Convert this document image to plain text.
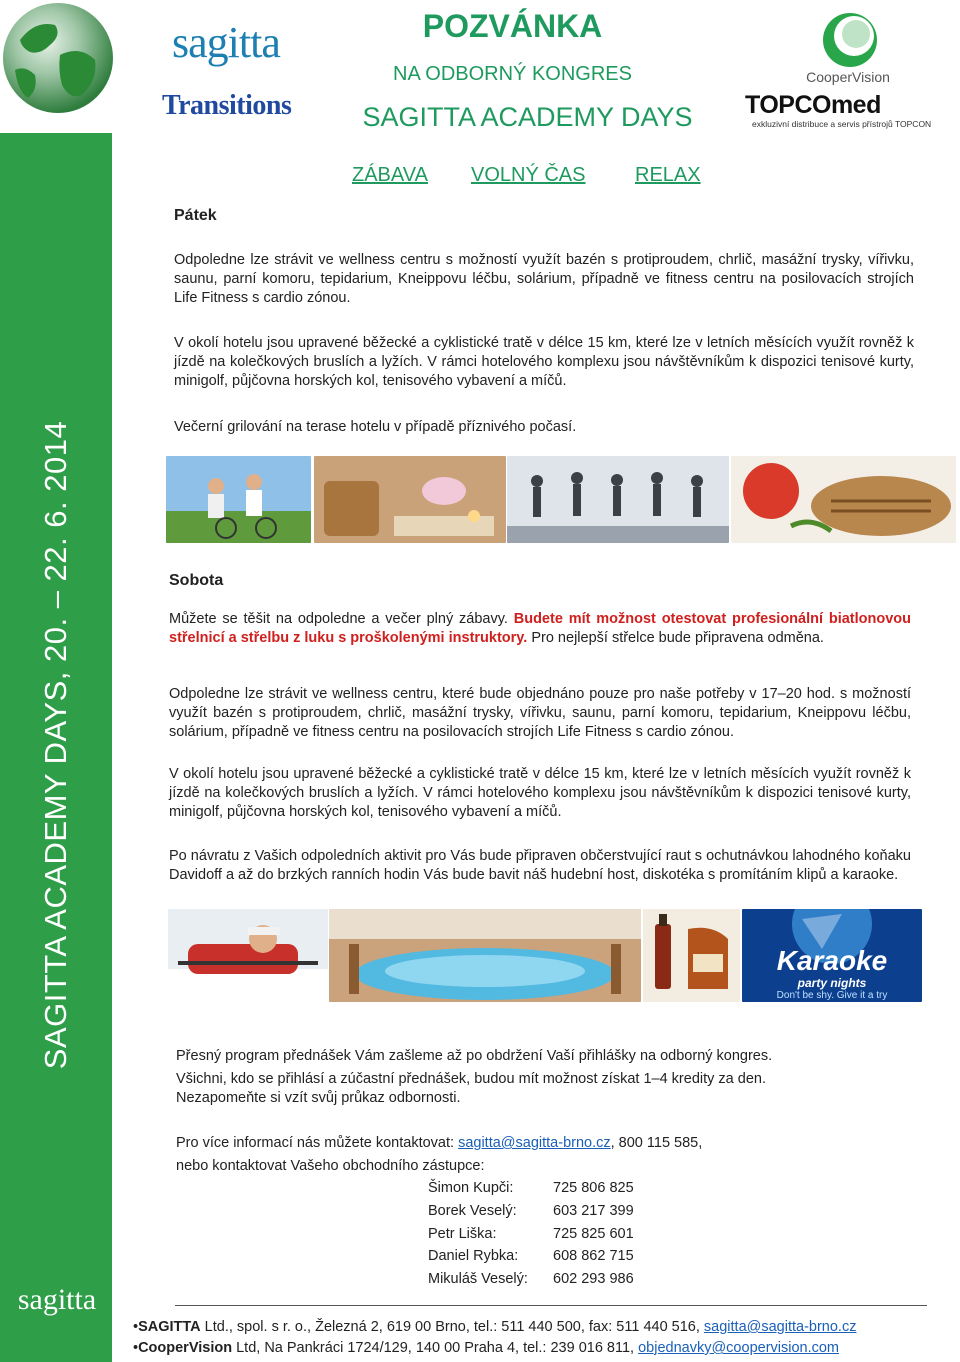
SAGITTA ACADEMY DAYS, 20. – 22. 6. 2014
sagitta
sagitta
Transitions
CooperVision
TOPCOmed
exkluzivní distribuce a servis přístrojů TOPCON
POZVÁNKA
NA ODBORNÝ KONGRES
SAGITTA ACADEMY DAYS
ZÁBAVA VOLNÝ ČAS RELAX
Pátek
Odpoledne lze strávit ve wellness centru s možností využít bazén s protiproudem, chrlič, masážní trysky, vířivku, saunu, parní komoru, tepidarium, Kneippovu léčbu, solárium, případně ve fitness centru na posilovacích strojích Life Fitness s cardio zónou.
V okolí hotelu jsou upravené běžecké a cyklistické tratě v délce 15 km, které lze v letních měsících využít rovněž k jízdě na kolečkových bruslích a lyžích. V rámci hotelového komplexu jsou návštěvníkům k dispozici tenisové kurty, minigolf, půjčovna horských kol, tenisového vybavení a míčů.
Večerní grilování na terase hotelu v případě příznivého počasí.
Sobota
Můžete se těšit na odpoledne a večer plný zábavy. Budete mít možnost otestovat profesionální biatlonovou střelnicí a střelbu z luku s proškolenými instruktory. Pro nejlepší střelce bude připravena odměna.
Odpoledne lze strávit ve wellness centru, které bude objednáno pouze pro naše potřeby v 17–20 hod. s možností využít bazén s protiproudem, chrlič, masážní trysky, vířivku, saunu, parní komoru, tepidarium, Kneippovu léčbu, solárium, případně ve fitness centru na posilovacích strojích Life Fitness s cardio zónou.
V okolí hotelu jsou upravené běžecké a cyklistické tratě v délce 15 km, které lze v letních měsících využít rovněž k jízdě na kolečkových bruslích a lyžích. V rámci hotelového komplexu jsou návštěvníkům k dispozici tenisové kurty, minigolf, půjčovna horských kol, tenisového vybavení a míčů.
Po návratu z Vašich odpoledních aktivit pro Vás bude připraven občerstvující raut s ochutnávkou lahodného koňaku Davidoff a až do brzkých ranních hodin Vás bude bavit náš hudební host, diskotéka s promítáním klipů a karaoke.
Karaoke
party nights
Don't be shy. Give it a try
Přesný program přednášek Vám zašleme až po obdržení Vaší přihlášky na odborný kongres.
Všichni, kdo se přihlásí a zúčastní přednášek, budou mít možnost získat 1–4 kredity za den.
Nezapomeňte si vzít svůj průkaz odbornosti.
Pro více informací nás můžete kontaktovat: sagitta@sagitta-brno.cz, 800 115 585,
nebo kontaktovat Vašeho obchodního zástupce:
Šimon Kupči:	725 806 825
Borek Veselý:	603 217 399
Petr Liška:	725 825 601
Daniel Rybka:	608 862 715
Mikuláš Veselý:	602 293 986
•SAGITTA Ltd., spol. s r. o., Železná 2, 619 00 Brno, tel.: 511 440 500, fax: 511 440 516, sagitta@sagitta-brno.cz
•CooperVision Ltd, Na Pankráci 1724/129, 140 00 Praha 4, tel.: 239 016 811, objednavky@coopervision.com
